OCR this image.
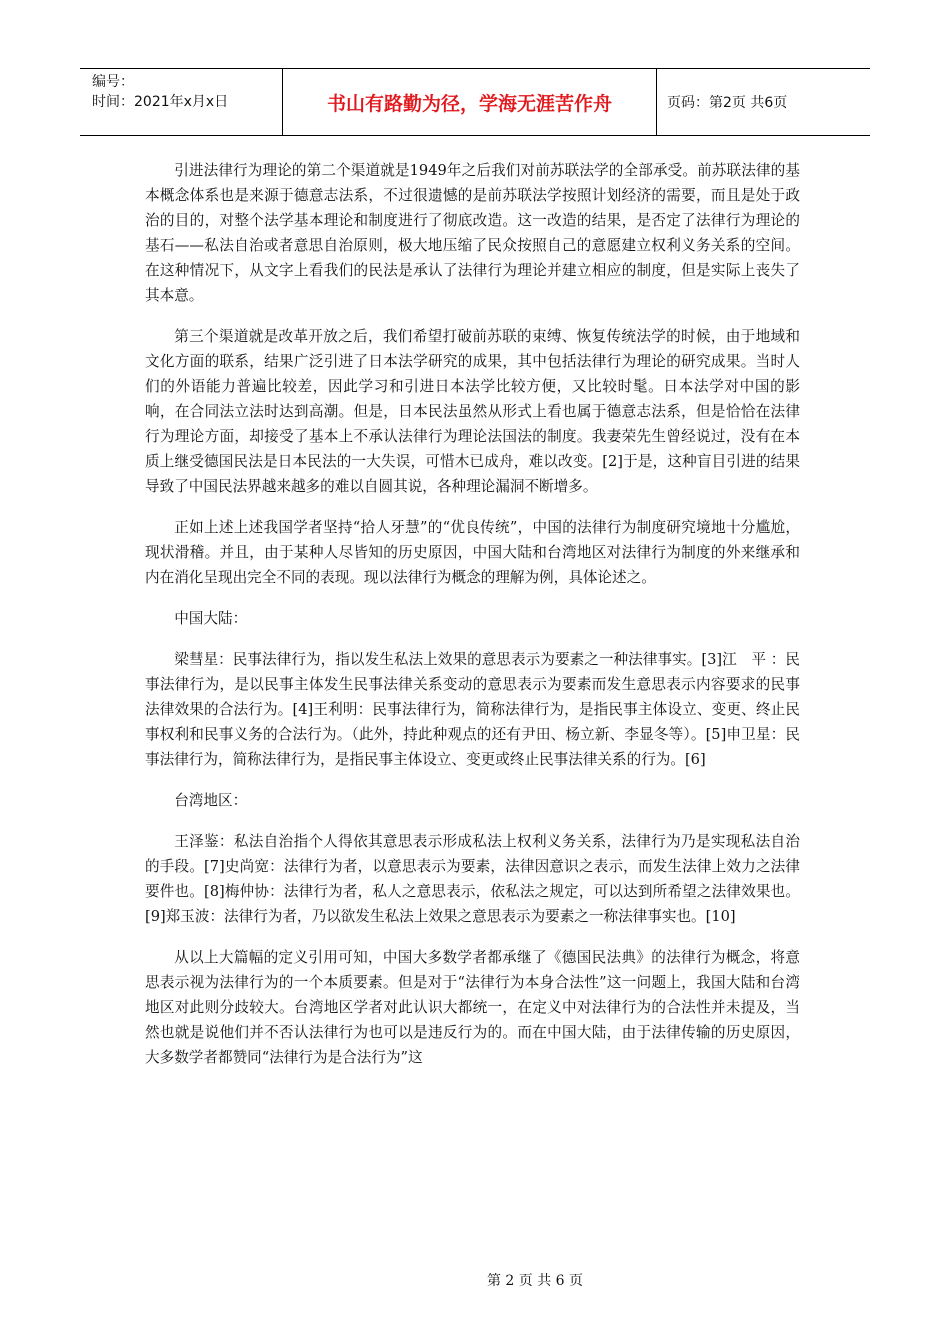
编号：
时间：2021年x月x日	书山有路勤为径，学海无涯苦作舟	页码：第2页 共6页

引进法律行为理论的第二个渠道就是1949年之后我们对前苏联法学的全部承受。前苏联法律的基本概念体系也是来源于德意志法系，不过很遗憾的是前苏联法学按照计划经济的需要，而且是处于政治的目的，对整个法学基本理论和制度进行了彻底改造。这一改造的结果，是否定了法律行为理论的基石——私法自治或者意思自治原则，极大地压缩了民众按照自己的意愿建立权利义务关系的空间。在这种情况下，从文字上看我们的民法是承认了法律行为理论并建立相应的制度，但是实际上丧失了其本意。

第三个渠道就是改革开放之后，我们希望打破前苏联的束缚、恢复传统法学的时候，由于地域和文化方面的联系，结果广泛引进了日本法学研究的成果，其中包括法律行为理论的研究成果。当时人们的外语能力普遍比较差，因此学习和引进日本法学比较方便，又比较时髦。日本法学对中国的影响，在合同法立法时达到高潮。但是，日本民法虽然从形式上看也属于德意志法系，但是恰恰在法律行为理论方面，却接受了基本上不承认法律行为理论法国法的制度。我妻荣先生曾经说过，没有在本质上继受德国民法是日本民法的一大失误，可惜木已成舟，难以改变。[2]于是，这种盲目引进的结果导致了中国民法界越来越多的难以自圆其说，各种理论漏洞不断增多。

正如上述上述我国学者坚持“拾人牙慧”的“优良传统”，中国的法律行为制度研究境地十分尴尬，现状滑稽。并且，由于某种人尽皆知的历史原因，中国大陆和台湾地区对法律行为制度的外来继承和内在消化呈现出完全不同的表现。现以法律行为概念的理解为例，具体论述之。

中国大陆：

梁彗星：民事法律行为，指以发生私法上效果的意思表示为要素之一种法律事实。[3]江　平 ：民事法律行为，是以民事主体发生民事法律关系变动的意思表示为要素而发生意思表示内容要求的民事法律效果的合法行为。[4]王利明：民事法律行为，简称法律行为，是指民事主体设立、变更、终止民事权利和民事义务的合法行为。（此外，持此种观点的还有尹田、杨立新、李显冬等）。[5]申卫星：民事法律行为，简称法律行为，是指民事主体设立、变更或终止民事法律关系的行为。[6]

台湾地区：

王泽鉴：私法自治指个人得依其意思表示形成私法上权利义务关系，法律行为乃是实现私法自治的手段。[7]史尚宽：法律行为者，以意思表示为要素，法律因意识之表示，而发生法律上效力之法律要件也。[8]梅仲协：法律行为者，私人之意思表示，依私法之规定，可以达到所希望之法律效果也。[9]郑玉波：法律行为者，乃以欲发生私法上效果之意思表示为要素之一称法律事实也。[10]

从以上大篇幅的定义引用可知，中国大多数学者都承继了《德国民法典》的法律行为概念，将意思表示视为法律行为的一个本质要素。但是对于“法律行为本身合法性”这一问题上，我国大陆和台湾地区对此则分歧较大。台湾地区学者对此认识大都统一，在定义中对法律行为的合法性并未提及，当然也就是说他们并不否认法律行为也可以是违反行为的。而在中国大陆，由于法律传输的历史原因，大多数学者都赞同“法律行为是合法行为”这

第 2 页 共 6 页
